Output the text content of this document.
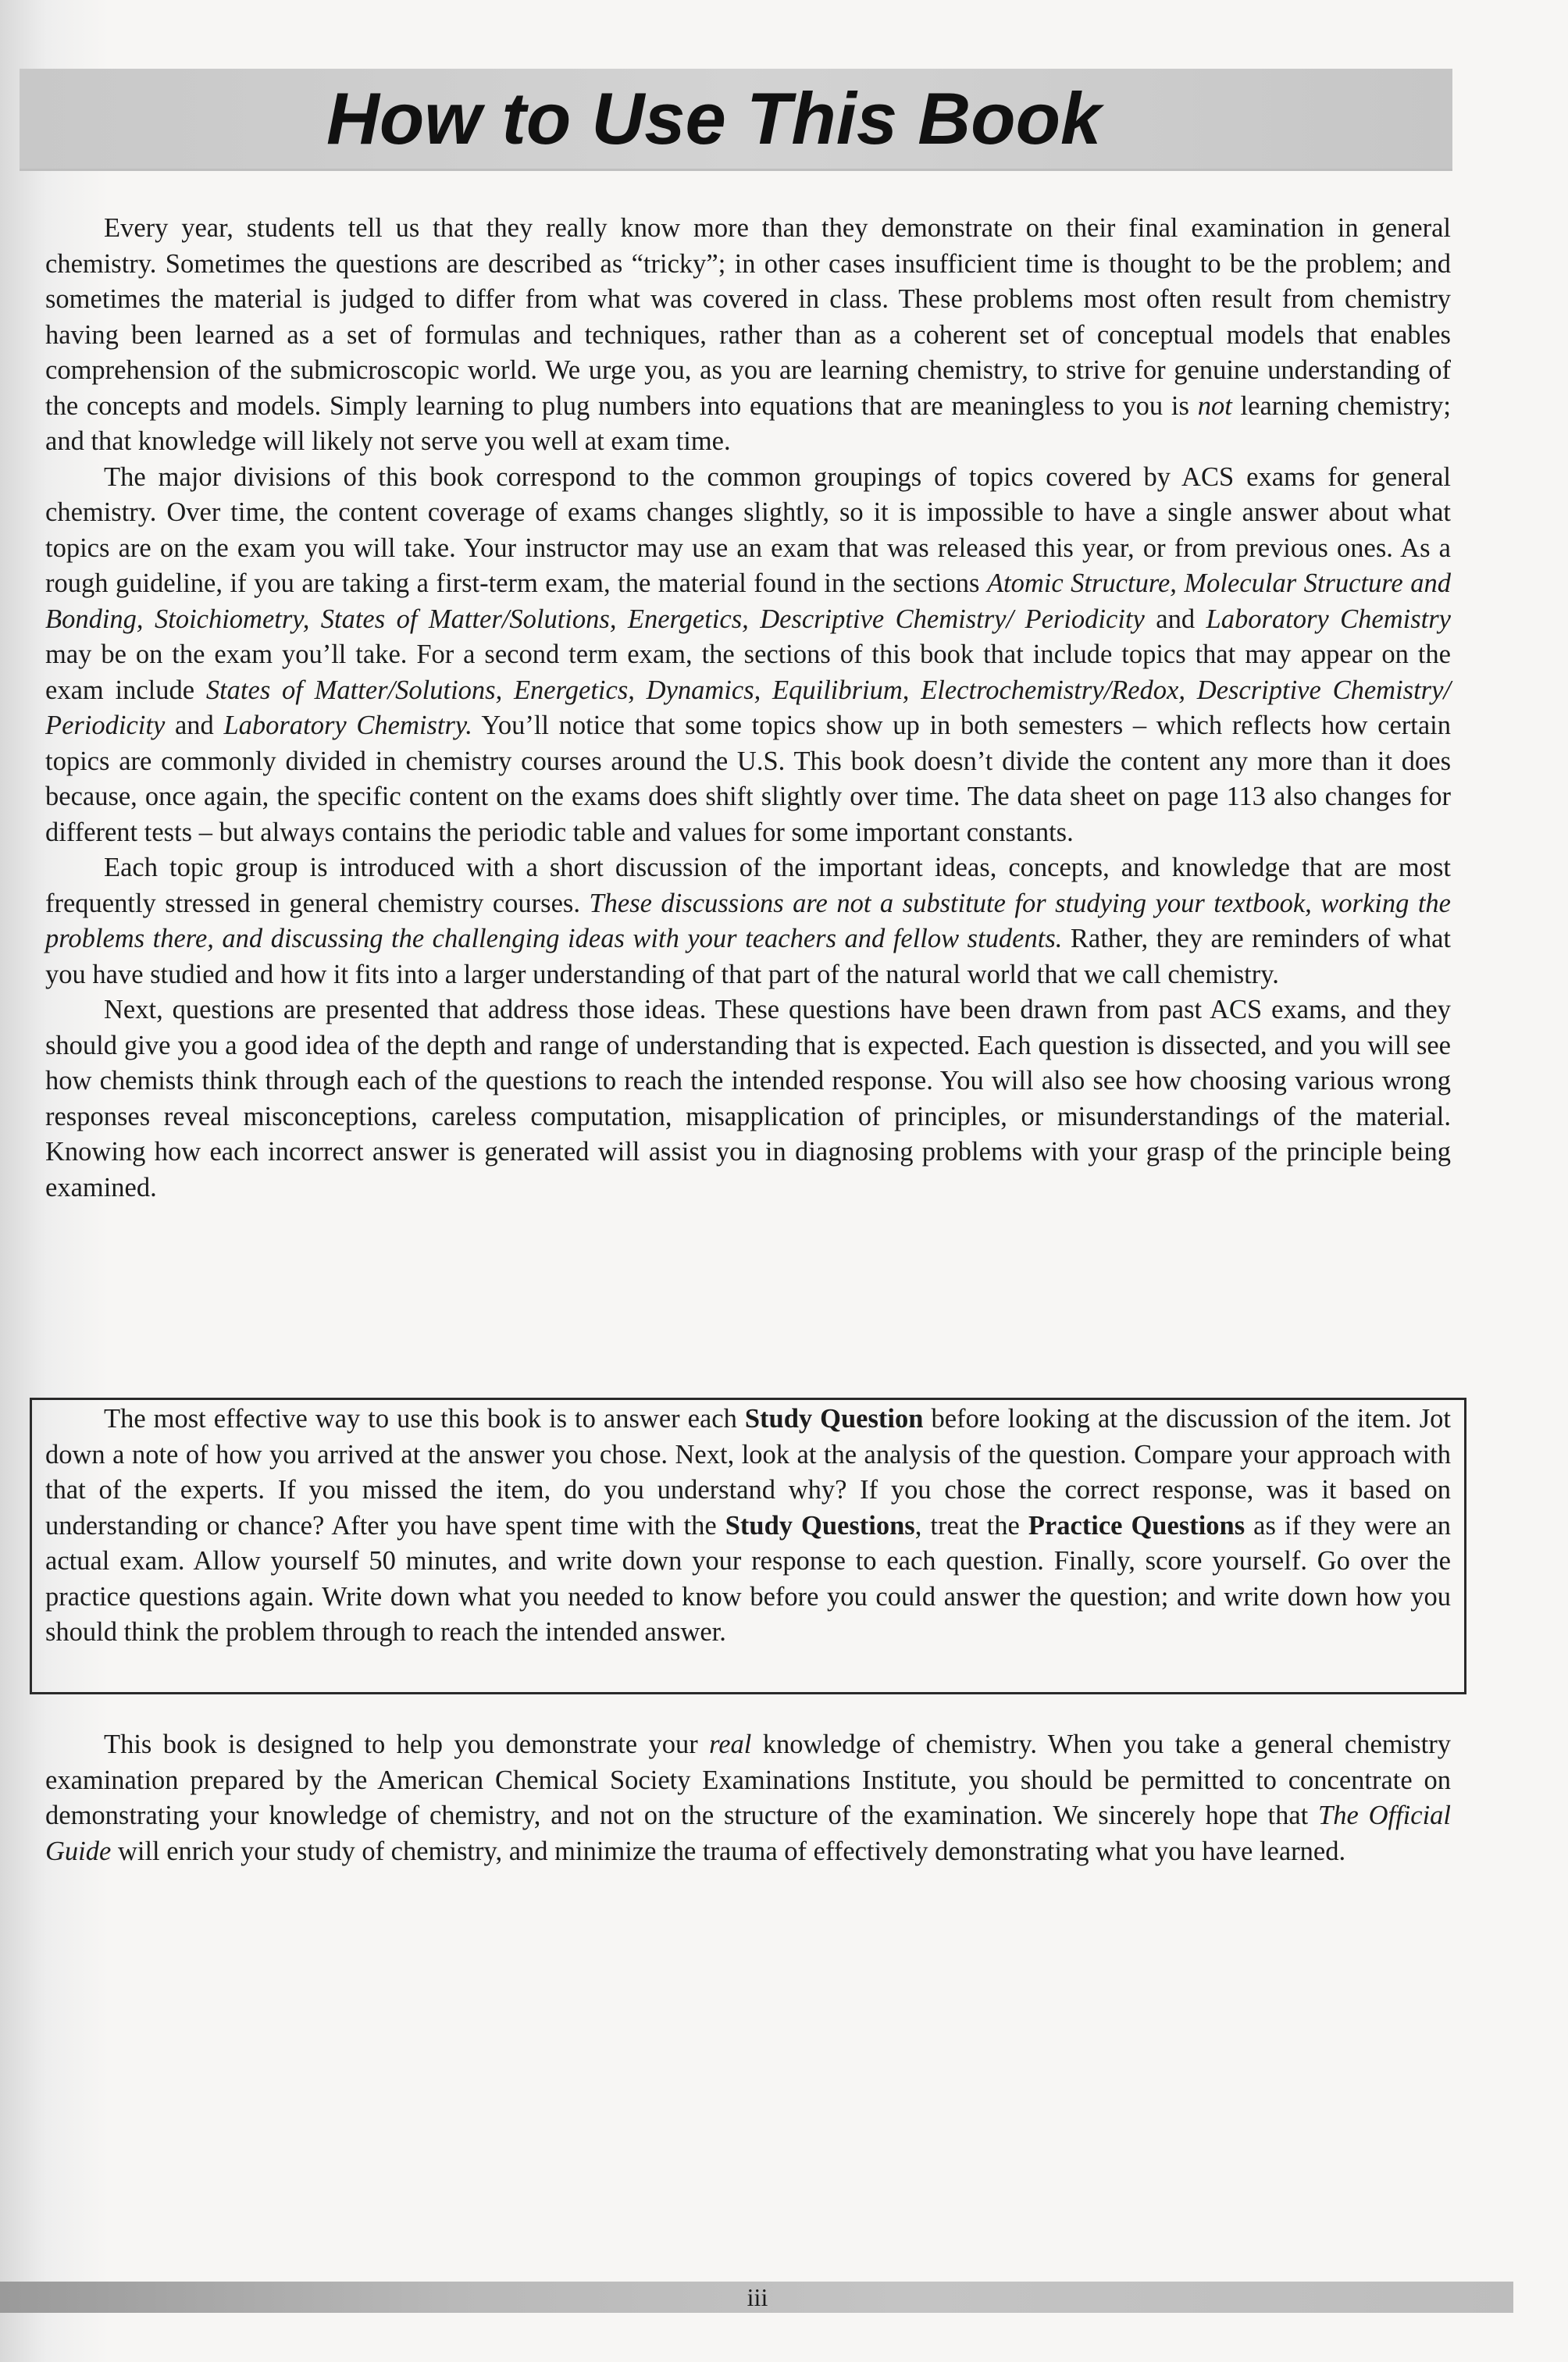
How to Use This Book

Every year, students tell us that they really know more than they demonstrate on their final examination in general chemistry. Sometimes the questions are described as “tricky”; in other cases insufficient time is thought to be the problem; and sometimes the material is judged to differ from what was covered in class. These problems most often result from chemistry having been learned as a set of formulas and techniques, rather than as a coherent set of conceptual models that enables comprehension of the submicroscopic world. We urge you, as you are learning chemistry, to strive for genuine understanding of the concepts and models. Simply learning to plug numbers into equations that are meaningless to you is not learning chemistry; and that knowledge will likely not serve you well at exam time.

The major divisions of this book correspond to the common groupings of topics covered by ACS exams for general chemistry. Over time, the content coverage of exams changes slightly, so it is impossible to have a single answer about what topics are on the exam you will take. Your instructor may use an exam that was released this year, or from previous ones. As a rough guideline, if you are taking a first-term exam, the material found in the sections Atomic Structure, Molecular Structure and Bonding, Stoichiometry, States of Matter/Solutions, Energetics, Descriptive Chemistry/ Periodicity and Laboratory Chemistry may be on the exam you’ll take. For a second term exam, the sections of this book that include topics that may appear on the exam include States of Matter/Solutions, Energetics, Dynamics, Equilibrium, Electrochemistry/Redox, Descriptive Chemistry/ Periodicity and Laboratory Chemistry. You’ll notice that some topics show up in both semesters – which reflects how certain topics are commonly divided in chemistry courses around the U.S. This book doesn’t divide the content any more than it does because, once again, the specific content on the exams does shift slightly over time. The data sheet on page 113 also changes for different tests – but always contains the periodic table and values for some important constants.

Each topic group is introduced with a short discussion of the important ideas, concepts, and knowledge that are most frequently stressed in general chemistry courses. These discussions are not a substitute for studying your textbook, working the problems there, and discussing the challenging ideas with your teachers and fellow students. Rather, they are reminders of what you have studied and how it fits into a larger understanding of that part of the natural world that we call chemistry.

Next, questions are presented that address those ideas. These questions have been drawn from past ACS exams, and they should give you a good idea of the depth and range of understanding that is expected. Each question is dissected, and you will see how chemists think through each of the questions to reach the intended response. You will also see how choosing various wrong responses reveal misconceptions, careless computation, misapplication of principles, or misunderstandings of the material. Knowing how each incorrect answer is generated will assist you in diagnosing problems with your grasp of the principle being examined.

The most effective way to use this book is to answer each Study Question before looking at the discussion of the item. Jot down a note of how you arrived at the answer you chose. Next, look at the analysis of the question. Compare your approach with that of the experts. If you missed the item, do you understand why? If you chose the correct response, was it based on understanding or chance? After you have spent time with the Study Questions, treat the Practice Questions as if they were an actual exam. Allow yourself 50 minutes, and write down your response to each question. Finally, score yourself. Go over the practice questions again. Write down what you needed to know before you could answer the question; and write down how you should think the problem through to reach the intended answer.

This book is designed to help you demonstrate your real knowledge of chemistry. When you take a general chemistry examination prepared by the American Chemical Society Examinations Institute, you should be permitted to concentrate on demonstrating your knowledge of chemistry, and not on the structure of the examination. We sincerely hope that The Official Guide will enrich your study of chemistry, and minimize the trauma of effectively demonstrating what you have learned.

iii
